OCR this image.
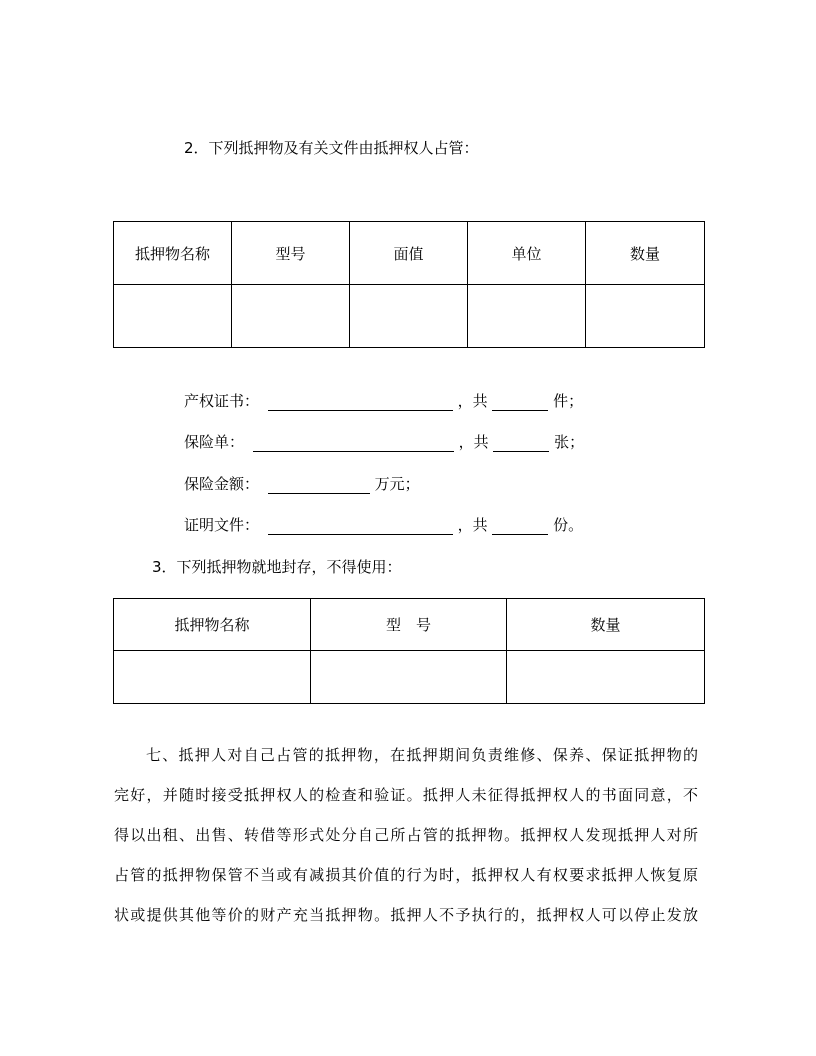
2．下列抵押物及有关文件由抵押权人占管：
抵押物名称	型号	面值	单位	数量

产权证书：	，共	件；
保险单：	，共	张；
保险金额：	万元；
证明文件：	，共	份。
3．下列抵押物就地封存，不得使用：
抵押物名称	型　号	数量

七、抵押人对自己占管的抵押物，在抵押期间负责维修、保养、保证抵押物的
完好，并随时接受抵押权人的检查和验证。抵押人未征得抵押权人的书面同意，不
得以出租、出售、转借等形式处分自己所占管的抵押物。抵押权人发现抵押人对所
占管的抵押物保管不当或有减损其价值的行为时，抵押权人有权要求抵押人恢复原
状或提供其他等价的财产充当抵押物。抵押人不予执行的，抵押权人可以停止发放
